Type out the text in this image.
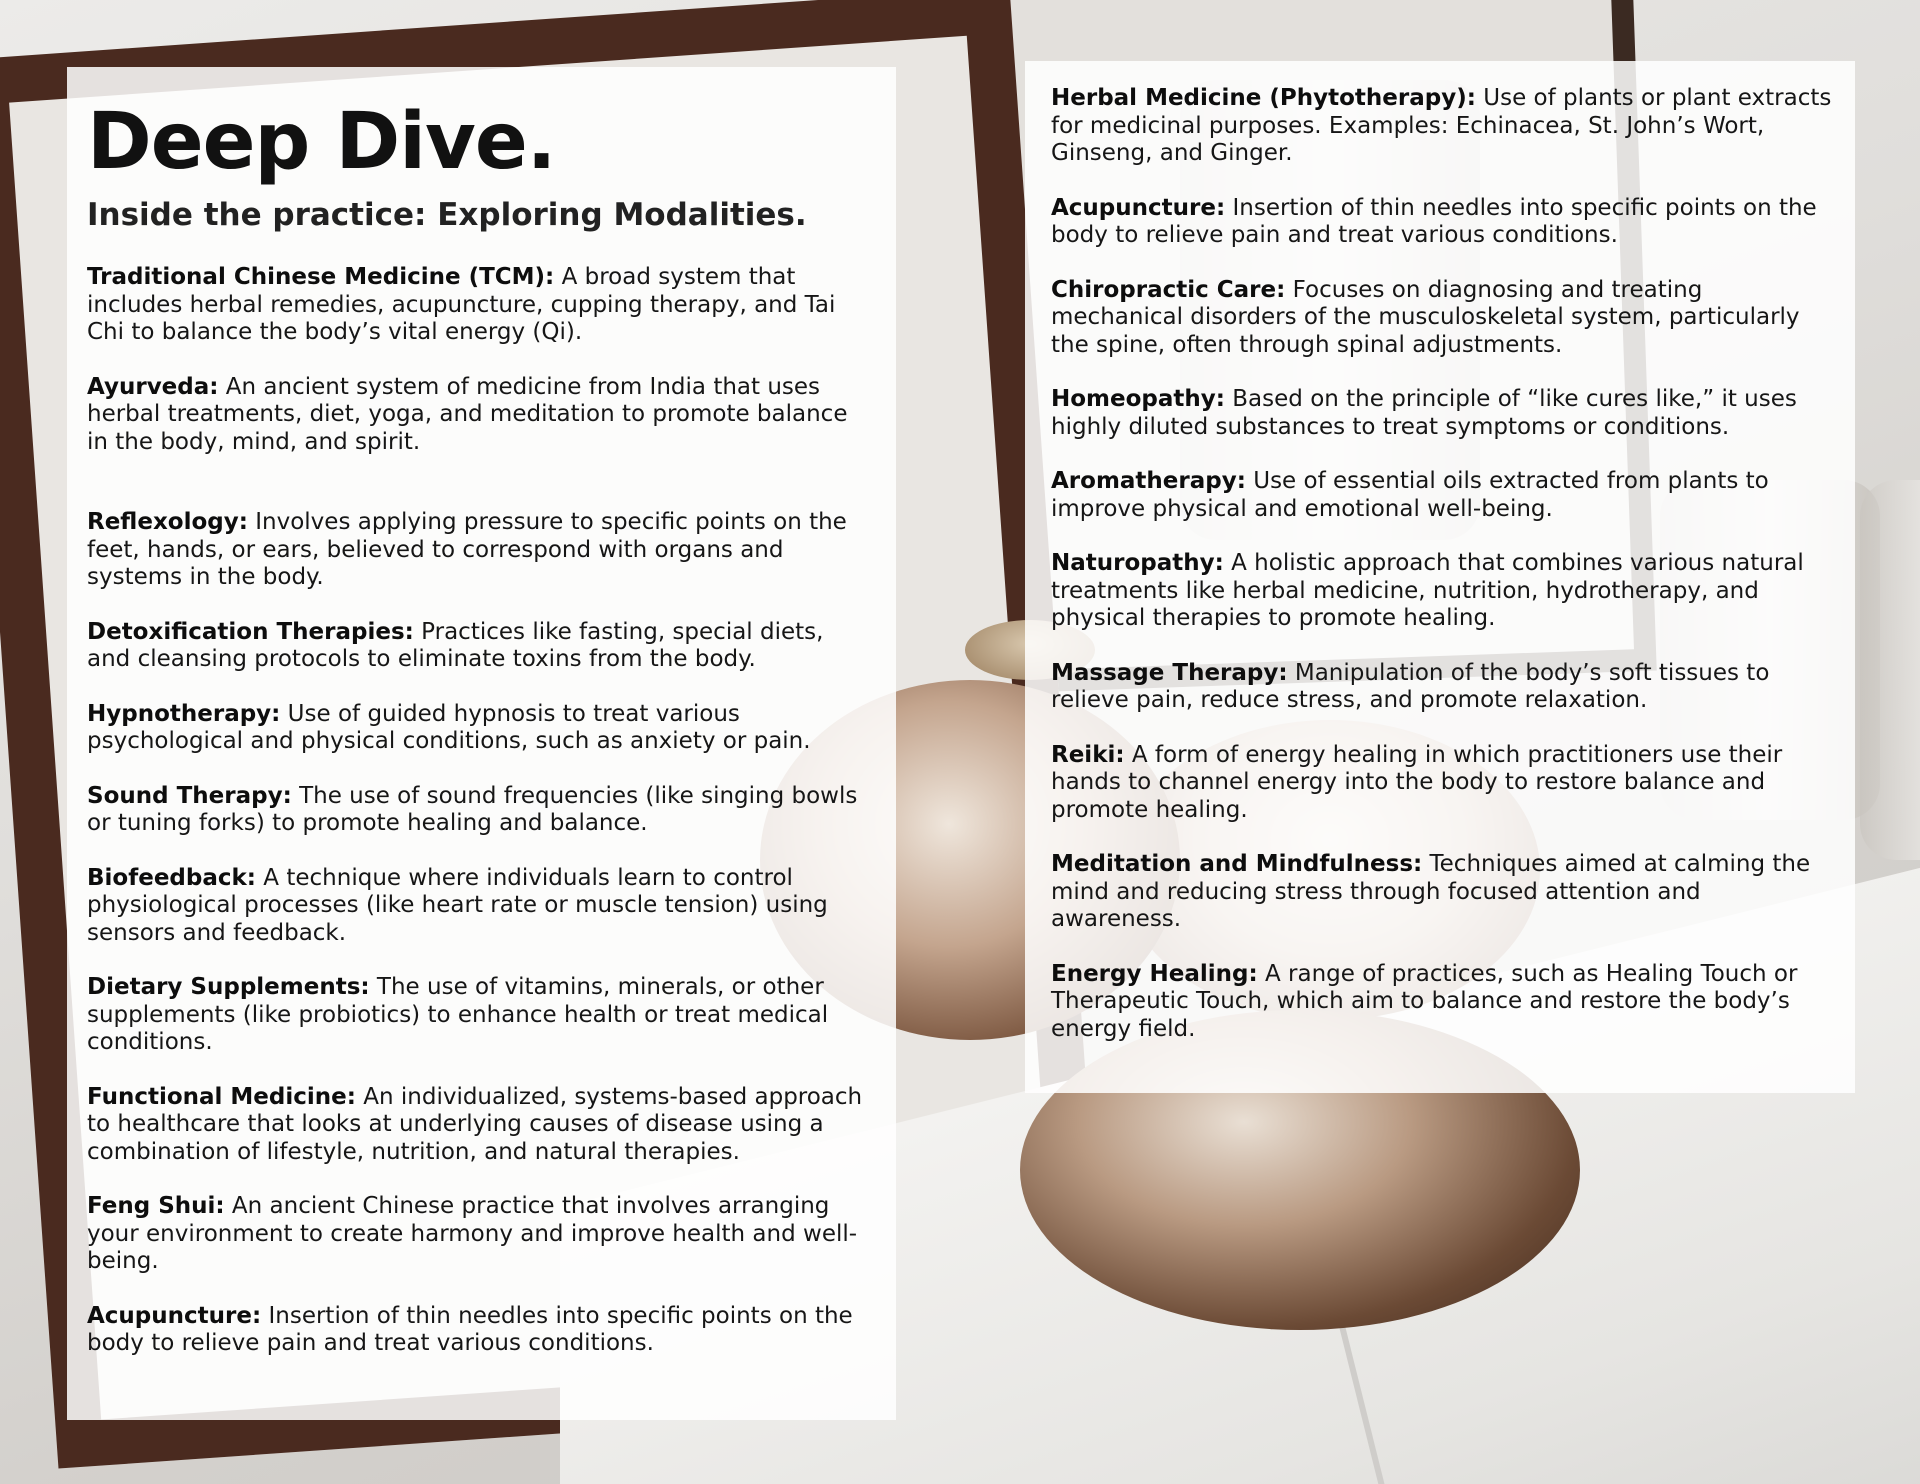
Deep Dive.
Inside the practice: Exploring Modalities.

Traditional Chinese Medicine (TCM): A broad system that includes herbal remedies, acupuncture, cupping therapy, and Tai Chi to balance the body’s vital energy (Qi).

Ayurveda: An ancient system of medicine from India that uses herbal treatments, diet, yoga, and meditation to promote balance in the body, mind, and spirit.

Reflexology: Involves applying pressure to specific points on the feet, hands, or ears, believed to correspond with organs and systems in the body.

Detoxification Therapies: Practices like fasting, special diets, and cleansing protocols to eliminate toxins from the body.

Hypnotherapy: Use of guided hypnosis to treat various psychological and physical conditions, such as anxiety or pain.

Sound Therapy: The use of sound frequencies (like singing bowls or tuning forks) to promote healing and balance.

Biofeedback: A technique where individuals learn to control physiological processes (like heart rate or muscle tension) using sensors and feedback.

Dietary Supplements: The use of vitamins, minerals, or other supplements (like probiotics) to enhance health or treat medical conditions.

Functional Medicine: An individualized, systems-based approach to healthcare that looks at underlying causes of disease using a combination of lifestyle, nutrition, and natural therapies.

Feng Shui: An ancient Chinese practice that involves arranging your environment to create harmony and improve health and well-being.

Acupuncture: Insertion of thin needles into specific points on the body to relieve pain and treat various conditions.

Herbal Medicine (Phytotherapy): Use of plants or plant extracts for medicinal purposes. Examples: Echinacea, St. John’s Wort, Ginseng, and Ginger.

Acupuncture: Insertion of thin needles into specific points on the body to relieve pain and treat various conditions.

Chiropractic Care: Focuses on diagnosing and treating mechanical disorders of the musculoskeletal system, particularly the spine, often through spinal adjustments.

Homeopathy: Based on the principle of “like cures like,” it uses highly diluted substances to treat symptoms or conditions.

Aromatherapy: Use of essential oils extracted from plants to improve physical and emotional well-being.

Naturopathy: A holistic approach that combines various natural treatments like herbal medicine, nutrition, hydrotherapy, and physical therapies to promote healing.

Massage Therapy: Manipulation of the body’s soft tissues to relieve pain, reduce stress, and promote relaxation.

Reiki: A form of energy healing in which practitioners use their hands to channel energy into the body to restore balance and promote healing.

Meditation and Mindfulness: Techniques aimed at calming the mind and reducing stress through focused attention and awareness.

Energy Healing: A range of practices, such as Healing Touch or Therapeutic Touch, which aim to balance and restore the body’s energy field.
